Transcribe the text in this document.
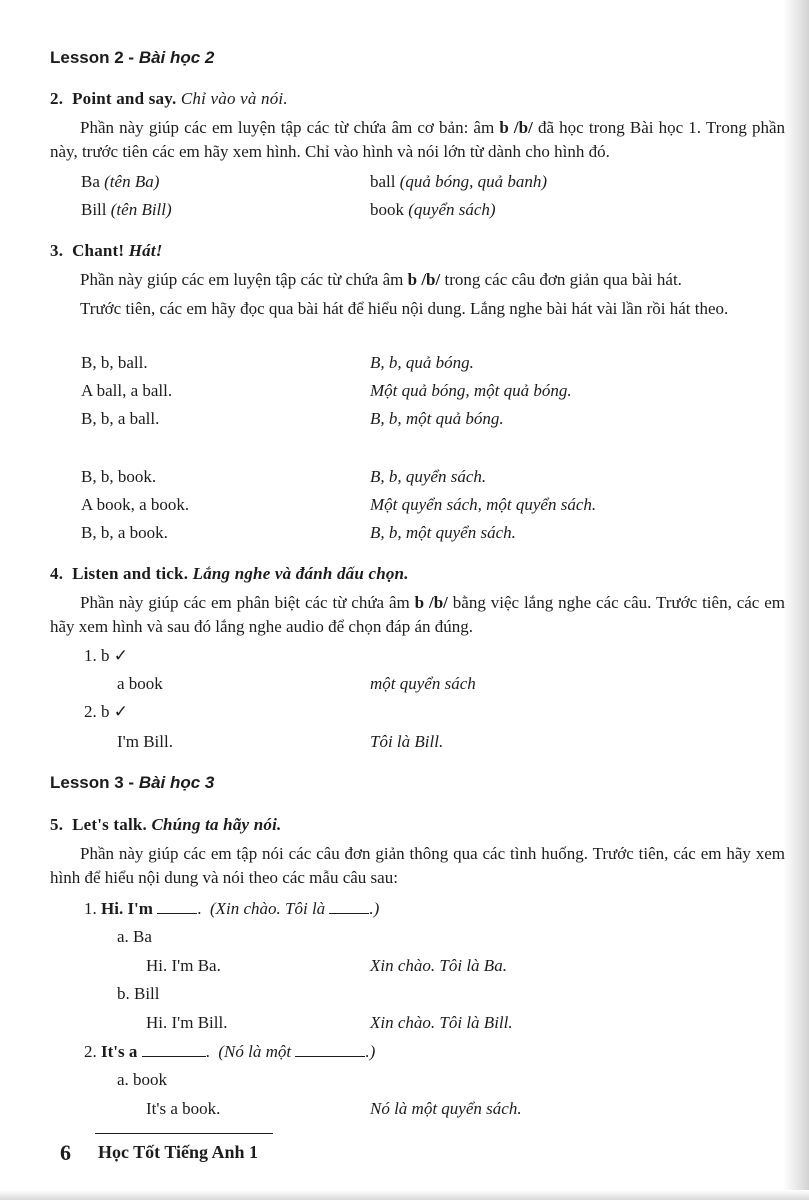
Lesson 2 - Bài học 2
2. Point and say. Chỉ vào và nói.

Phần này giúp các em luyện tập các từ chứa âm cơ bản: âm b /b/ đã học trong Bài học 1. Trong phần này, trước tiên các em hãy xem hình. Chỉ vào hình và nói lớn từ dành cho hình đó.

Ba (tên Ba)	ball (quả bóng, quả banh)
Bill (tên Bill)	book (quyển sách)
3. Chant! Hát!

Phần này giúp các em luyện tập các từ chứa âm b /b/ trong các câu đơn giản qua bài hát.

Trước tiên, các em hãy đọc qua bài hát để hiểu nội dung. Lắng nghe bài hát vài lần rồi hát theo.

B, b, ball.	B, b, quả bóng.
A ball, a ball.	Một quả bóng, một quả bóng.
B, b, a ball.	B, b, một quả bóng.
B, b, book.	B, b, quyển sách.
A book, a book.	Một quyển sách, một quyển sách.
B, b, a book.	B, b, một quyển sách.
4. Listen and tick. Lắng nghe và đánh dấu chọn.

Phần này giúp các em phân biệt các từ chứa âm b /b/ bằng việc lắng nghe các câu. Trước tiên, các em hãy xem hình và sau đó lắng nghe audio để chọn đáp án đúng.

1. b ✓
a book	một quyển sách
2. b ✓
I'm Bill.	Tôi là Bill.
Lesson 3 - Bài học 3
5. Let's talk. Chúng ta hãy nói.

Phần này giúp các em tập nói các câu đơn giản thông qua các tình huống. Trước tiên, các em hãy xem hình để hiểu nội dung và nói theo các mẫu câu sau:

1. Hi. I'm	. (Xin chào. Tôi là	.)
a. Ba
Hi. I'm Ba.	Xin chào. Tôi là Ba.
b. Bill
Hi. I'm Bill.	Xin chào. Tôi là Bill.
2. It's a	. (Nó là một	.)
a. book
It's a book.	Nó là một quyển sách.
6 Học Tốt Tiếng Anh 1
